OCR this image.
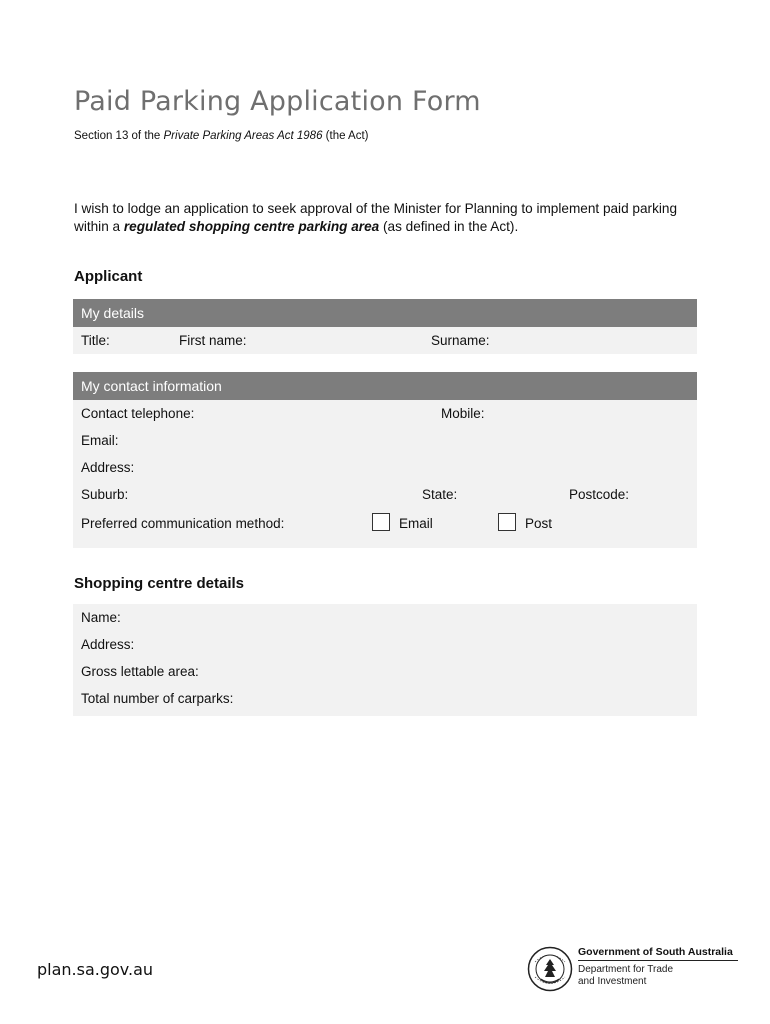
Paid Parking Application Form
Section 13 of the Private Parking Areas Act 1986 (the Act)
I wish to lodge an application to seek approval of the Minister for Planning to implement paid parking within a regulated shopping centre parking area (as defined in the Act).
Applicant
My details
Title:	First name:	Surname:
My contact information
Contact telephone:	Mobile:
Email:
Address:
Suburb:	State:	Postcode:
Preferred communication method:	Email	Post
Shopping centre details
Name:
Address:
Gross lettable area:
Total number of carparks:
plan.sa.gov.au
Government of South Australia
Department for Trade
and Investment
